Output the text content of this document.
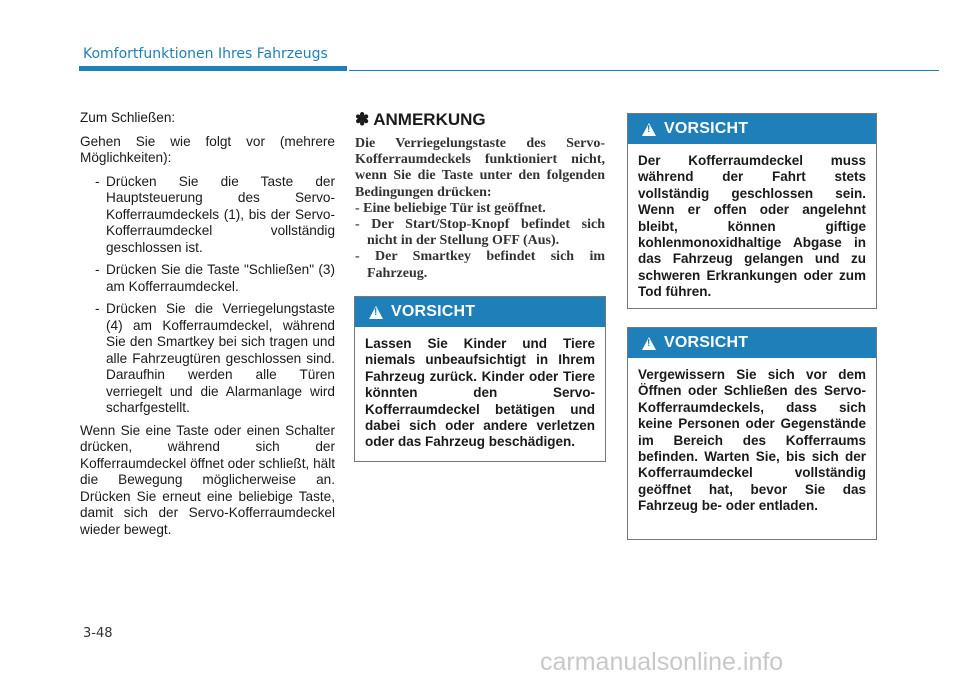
Komfortfunktionen Ihres Fahrzeugs

Zum Schließen:

Gehen Sie wie folgt vor (mehrere Möglichkeiten):

- Drücken Sie die Taste der Hauptsteuerung des Servo-Kofferraumdeckels (1), bis der Servo-Kofferraumdeckel vollständig geschlossen ist.
- Drücken Sie die Taste "Schließen" (3) am Kofferraumdeckel.
- Drücken Sie die Verriegelungstaste (4) am Kofferraumdeckel, während Sie den Smartkey bei sich tragen und alle Fahrzeugtüren geschlossen sind. Daraufhin werden alle Türen verriegelt und die Alarmanlage wird scharfgestellt.

Wenn Sie eine Taste oder einen Schalter drücken, während sich der Kofferraumdeckel öffnet oder schließt, hält die Bewegung möglicherweise an. Drücken Sie erneut eine beliebige Taste, damit sich der Servo-Kofferraumdeckel wieder bewegt.

✽ ANMERKUNG

Die Verriegelungstaste des Servo-Kofferraumdeckels funktioniert nicht, wenn Sie die Taste unter den folgenden Bedingungen drücken:

- Eine beliebige Tür ist geöffnet.

- Der Start/Stop-Knopf befindet sich nicht in der Stellung OFF (Aus).

- Der Smartkey befindet sich im Fahrzeug.

!
VORSICHT
Lassen Sie Kinder und Tiere niemals unbeaufsichtigt in Ihrem Fahrzeug zurück. Kinder oder Tiere könnten den Servo-Kofferraumdeckel betätigen und dabei sich oder andere verletzen oder das Fahrzeug beschädigen.
!
VORSICHT
Der Kofferraumdeckel muss während der Fahrt stets vollständig geschlossen sein. Wenn er offen oder angelehnt bleibt, können giftige kohlenmonoxidhaltige Abgase in das Fahrzeug gelangen und zu schweren Erkrankungen oder zum Tod führen.
!
VORSICHT
Vergewissern Sie sich vor dem Öffnen oder Schließen des Servo-Kofferraumdeckels, dass sich keine Personen oder Gegenstände im Bereich des Kofferraums befinden. Warten Sie, bis sich der Kofferraumdeckel vollständig geöffnet hat, bevor Sie das Fahrzeug be- oder entladen.
3-48
carmanualsonline.info
